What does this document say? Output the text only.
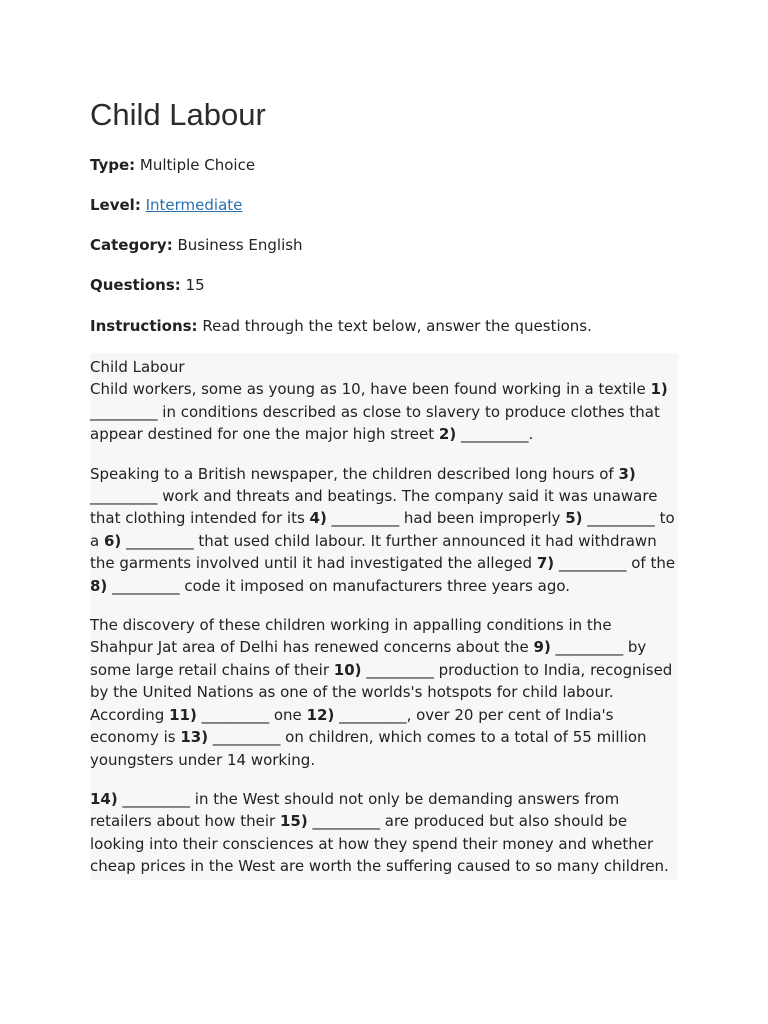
Child Labour

Type: Multiple Choice

Level: Intermediate

Category: Business English

Questions: 15

Instructions: Read through the text below, answer the questions.

Child Labour
Child workers, some as young as 10, have been found working in a textile 1) _________ in conditions described as close to slavery to produce clothes that appear destined for one the major high street 2) _________.

Speaking to a British newspaper, the children described long hours of 3) _________ work and threats and beatings. The company said it was unaware that clothing intended for its 4) _________ had been improperly 5) _________ to a 6) _________ that used child labour. It further announced it had withdrawn the garments involved until it had investigated the alleged 7) _________ of the 8) _________ code it imposed on manufacturers three years ago.

The discovery of these children working in appalling conditions in the Shahpur Jat area of Delhi has renewed concerns about the 9) _________ by some large retail chains of their 10) _________ production to India, recognised by the United Nations as one of the worlds's hotspots for child labour. According 11) _________ one 12) _________, over 20 per cent of India's economy is 13) _________ on children, which comes to a total of 55 million youngsters under 14 working.

14) _________ in the West should not only be demanding answers from retailers about how their 15) _________ are produced but also should be looking into their consciences at how they spend their money and whether cheap prices in the West are worth the suffering caused to so many children.
